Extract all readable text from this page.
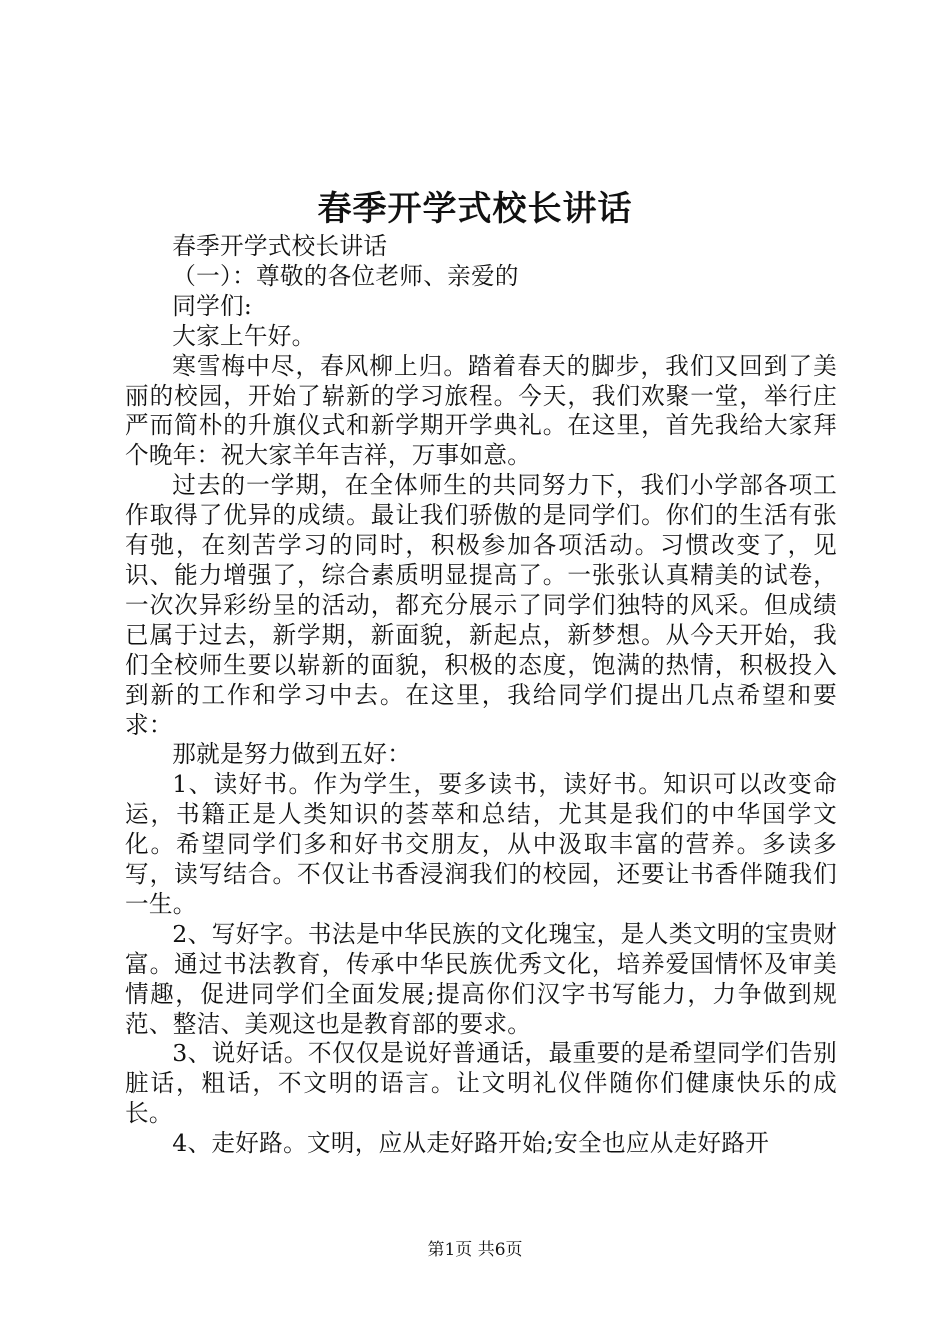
春季开学式校长讲话

春季开学式校长讲话

（一）：尊敬的各位老师、亲爱的

同学们:

大家上午好。

寒雪梅中尽，春风柳上归。踏着春天的脚步，我们又回到了美丽的校园，开始了崭新的学习旅程。今天，我们欢聚一堂，举行庄严而简朴的升旗仪式和新学期开学典礼。在这里，首先我给大家拜个晚年：祝大家羊年吉祥，万事如意。

过去的一学期，在全体师生的共同努力下，我们小学部各项工作取得了优异的成绩。最让我们骄傲的是同学们。你们的生活有张有弛，在刻苦学习的同时，积极参加各项活动。习惯改变了，见识、能力增强了，综合素质明显提高了。一张张认真精美的试卷，一次次异彩纷呈的活动，都充分展示了同学们独特的风采。但成绩已属于过去，新学期，新面貌，新起点，新梦想。从今天开始，我们全校师生要以崭新的面貌，积极的态度，饱满的热情，积极投入到新的工作和学习中去。在这里，我给同学们提出几点希望和要求：

那就是努力做到五好：

1、读好书。作为学生，要多读书，读好书。知识可以改变命运，书籍正是人类知识的荟萃和总结，尤其是我们的中华国学文化。希望同学们多和好书交朋友，从中汲取丰富的营养。多读多写，读写结合。不仅让书香浸润我们的校园，还要让书香伴随我们一生。

2、写好字。书法是中华民族的文化瑰宝，是人类文明的宝贵财富。通过书法教育，传承中华民族优秀文化，培养爱国情怀及审美情趣，促进同学们全面发展;提高你们汉字书写能力，力争做到规范、整洁、美观这也是教育部的要求。

3、说好话。不仅仅是说好普通话，最重要的是希望同学们告别脏话，粗话，不文明的语言。让文明礼仪伴随你们健康快乐的成长。

4、走好路。文明，应从走好路开始;安全也应从走好路开

第1页 共6页
